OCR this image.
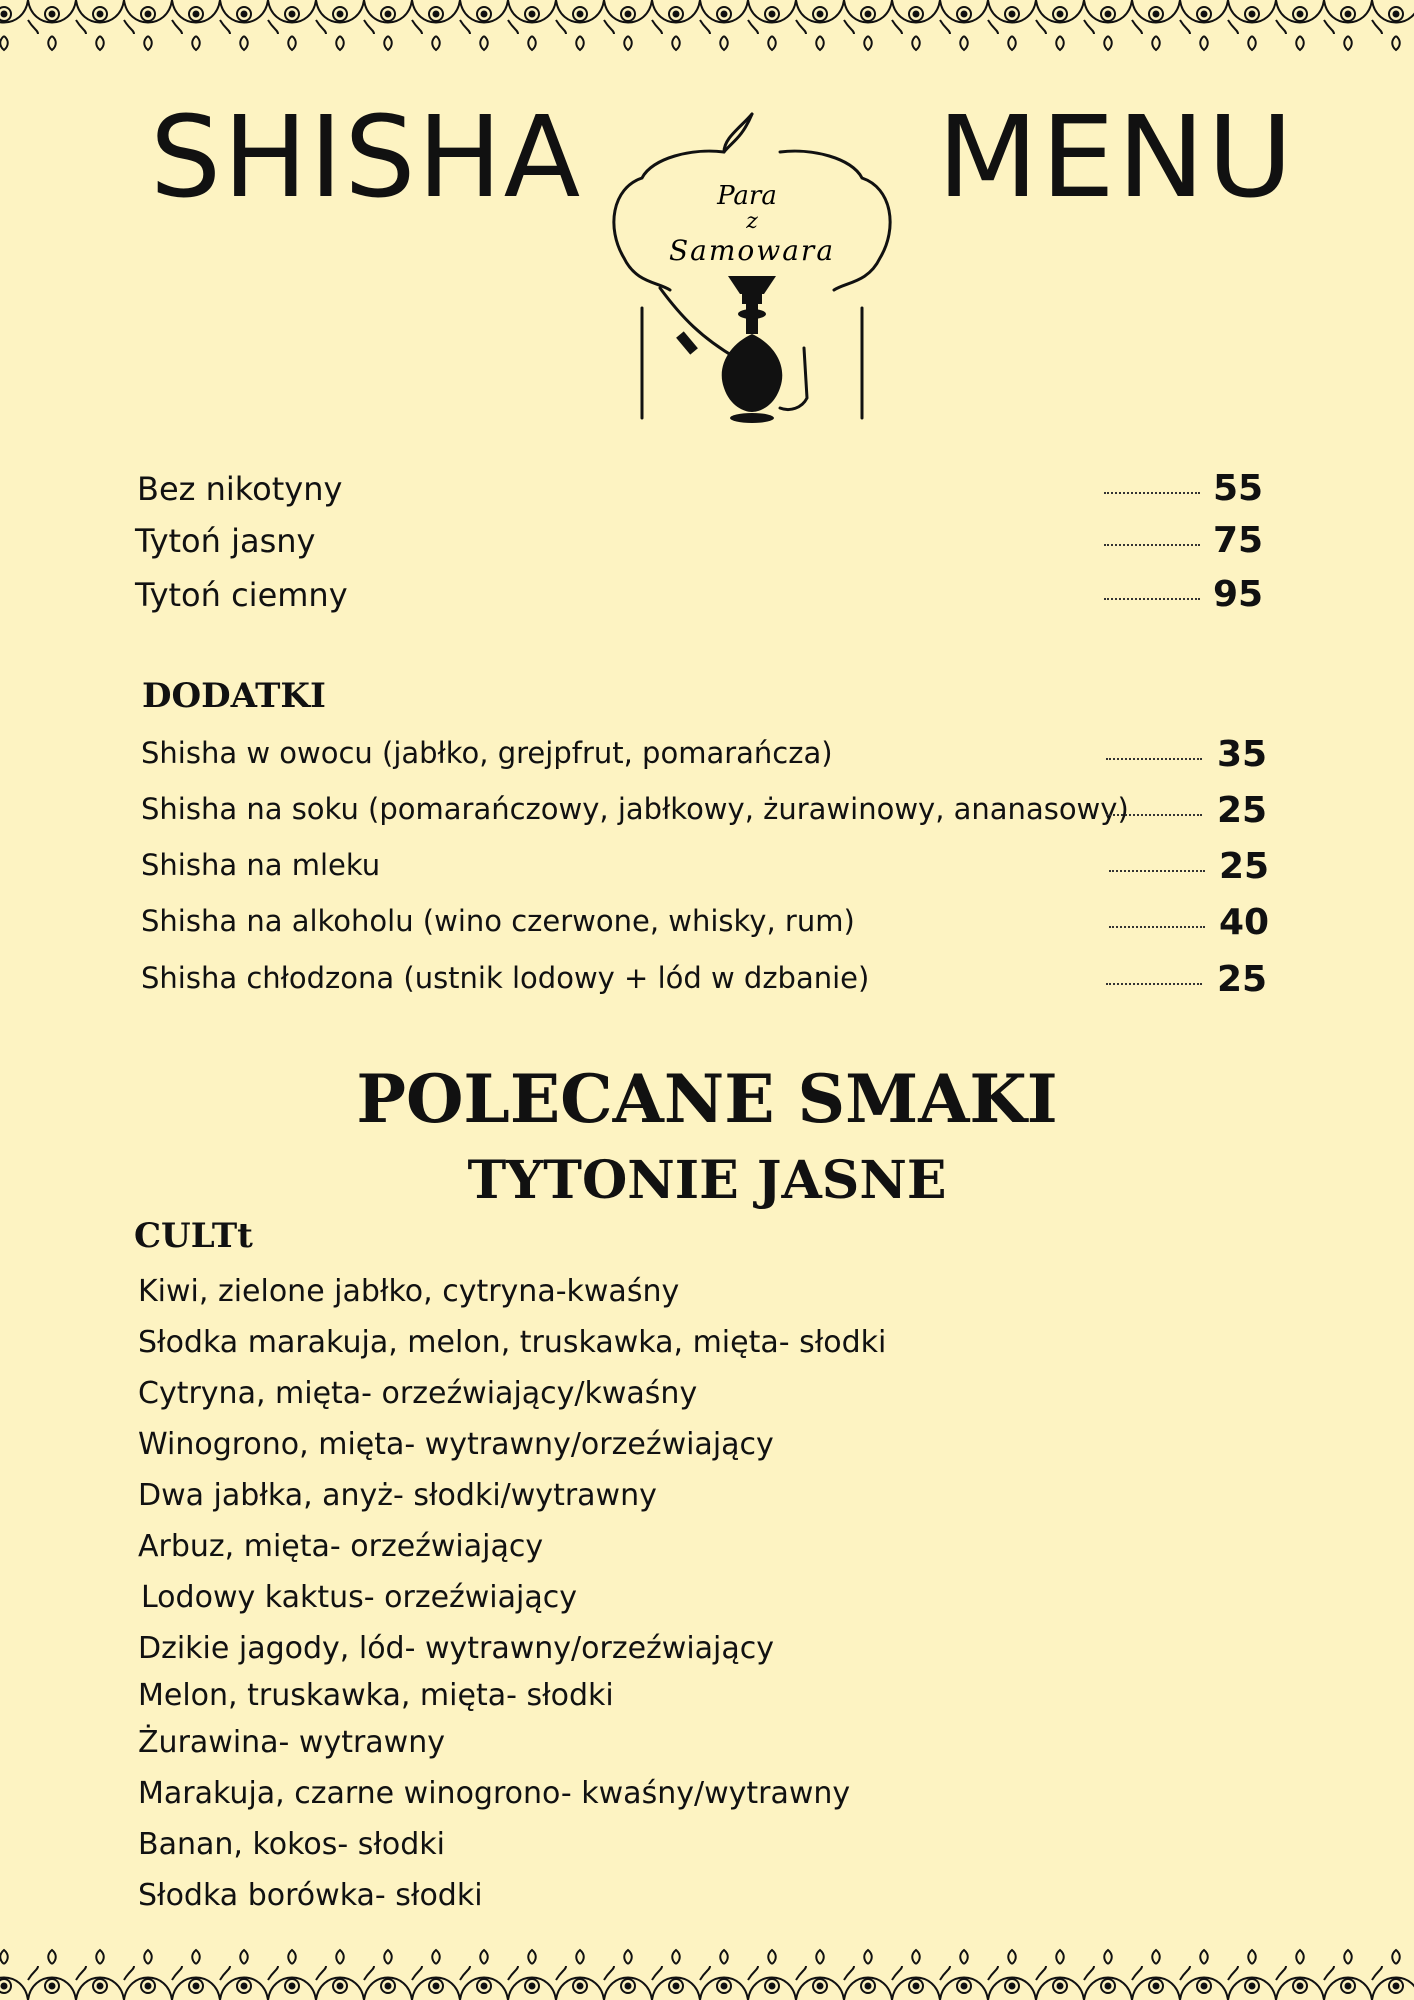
SHISHA	MENU
Para
z
Samowara
Bez nikotyny	55
Tytoń jasny	75
Tytoń ciemny	95
DODATKI
Shisha w owocu (jabłko, grejpfrut, pomarańcza)	35
Shisha na soku (pomarańczowy, jabłkowy, żurawinowy, ananasowy) 25
Shisha na mleku	25
Shisha na alkoholu (wino czerwone, whisky, rum)	40
Shisha chłodzona (ustnik lodowy + lód w dzbanie)	25
POLECANE SMAKI
TYTONIE JASNE
CULTt
Kiwi, zielone jabłko, cytryna-kwaśny
Słodka marakuja, melon, truskawka, mięta- słodki
Cytryna, mięta- orzeźwiający/kwaśny
Winogrono, mięta- wytrawny/orzeźwiający
Dwa jabłka, anyż- słodki/wytrawny
Arbuz, mięta- orzeźwiający
Lodowy kaktus- orzeźwiający
Dzikie jagody, lód- wytrawny/orzeźwiający
Melon, truskawka, mięta- słodki
Żurawina- wytrawny
Marakuja, czarne winogrono- kwaśny/wytrawny
Banan, kokos- słodki
Słodka borówka- słodki
